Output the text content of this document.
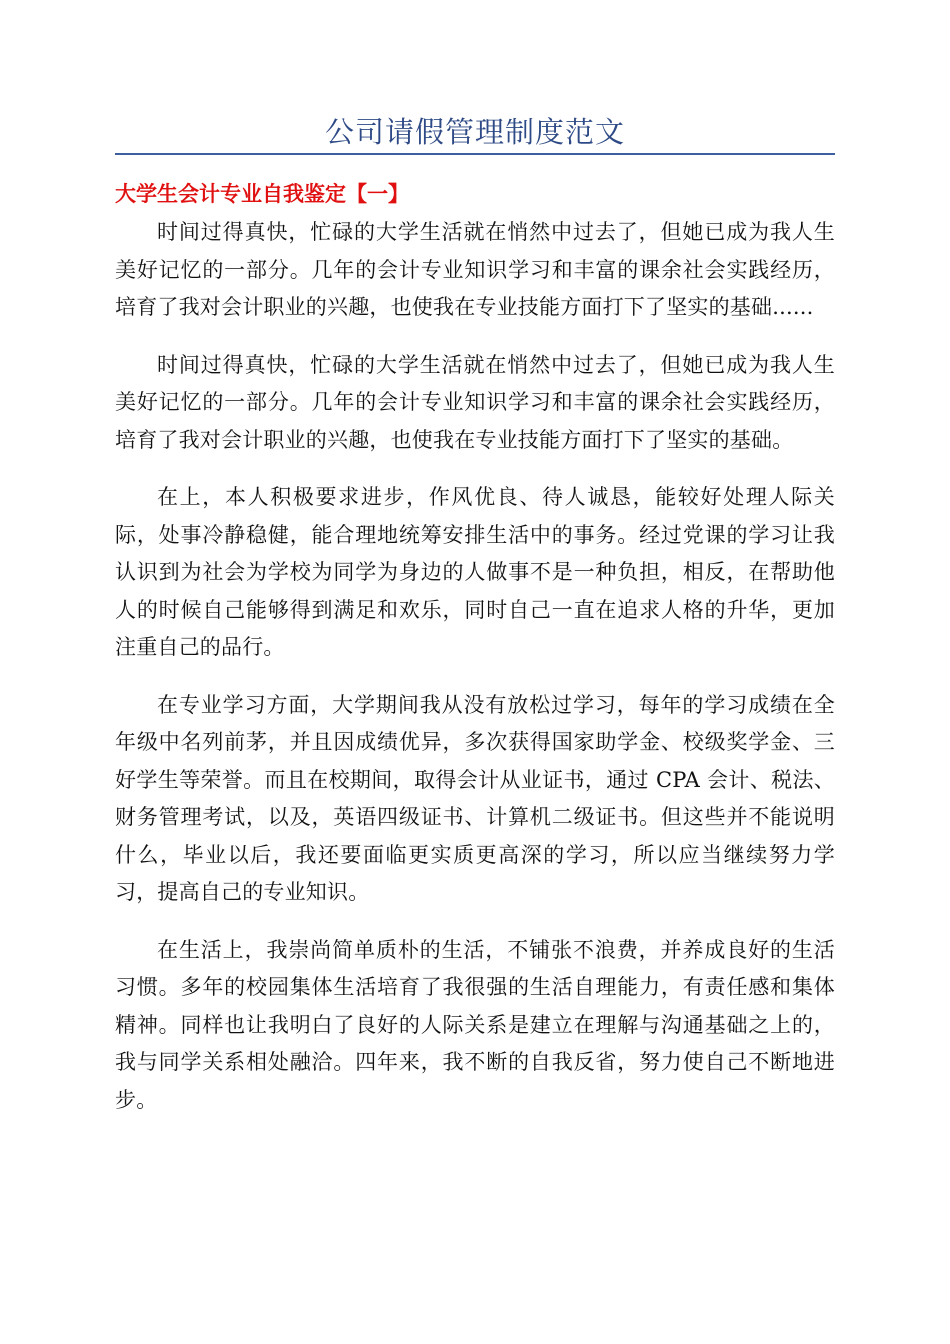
公司请假管理制度范文
大学生会计专业自我鉴定【一】

时间过得真快，忙碌的大学生活就在悄然中过去了，但她已成为我人生美好记忆的一部分。几年的会计专业知识学习和丰富的课余社会实践经历，培育了我对会计职业的兴趣，也使我在专业技能方面打下了坚实的基础......

时间过得真快，忙碌的大学生活就在悄然中过去了，但她已成为我人生美好记忆的一部分。几年的会计专业知识学习和丰富的课余社会实践经历，培育了我对会计职业的兴趣，也使我在专业技能方面打下了坚实的基础。

在上，本人积极要求进步，作风优良、待人诚恳，能较好处理人际关际，处事冷静稳健，能合理地统筹安排生活中的事务。经过党课的学习让我认识到为社会为学校为同学为身边的人做事不是一种负担，相反，在帮助他人的时候自己能够得到满足和欢乐，同时自己一直在追求人格的升华，更加注重自己的品行。

在专业学习方面，大学期间我从没有放松过学习，每年的学习成绩在全年级中名列前茅，并且因成绩优异，多次获得国家助学金、校级奖学金、三好学生等荣誉。而且在校期间，取得会计从业证书，通过 CPA 会计、税法、财务管理考试，以及，英语四级证书、计算机二级证书。但这些并不能说明什么，毕业以后，我还要面临更实质更高深的学习，所以应当继续努力学习，提高自己的专业知识。

在生活上，我崇尚简单质朴的生活，不铺张不浪费，并养成良好的生活习惯。多年的校园集体生活培育了我很强的生活自理能力，有责任感和集体精神。同样也让我明白了良好的人际关系是建立在理解与沟通基础之上的，我与同学关系相处融洽。四年来，我不断的自我反省，努力使自己不断地进步。
